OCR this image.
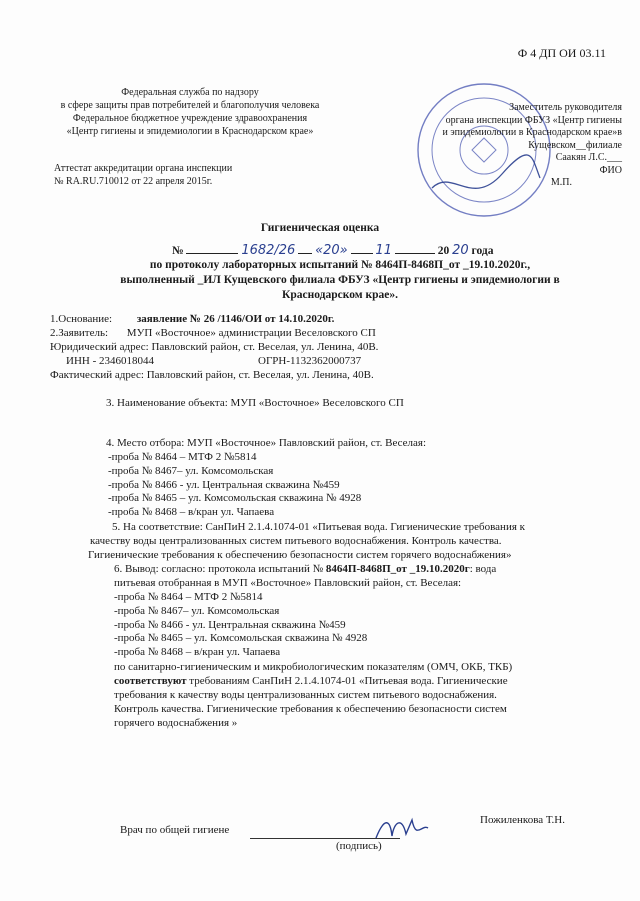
Ф 4 ДП ОИ 03.11
Федеральная служба по надзору
в сфере защиты прав потребителей и благополучия человека
Федеральное бюджетное учреждение здравоохранения
«Центр гигиены и эпидемиологии в Краснодарском крае»
Заместитель руководителя
органа инспекции ФБУЗ «Центр гигиены
и эпидемиологии в Краснодарском крае»в
Кущевском__филиале
Саакян Л.С.___
ФИО
М.П.
Аттестат аккредитации органа инспекции
№ RA.RU.710012 от 22 апреля 2015г.
Гигиеническая оценка
№	1682/26 «20» 11	20 20 года
по протоколу лабораторных испытаний № 8464П-8468П_от _19.10.2020г.,
выполненный _ИЛ Кущевского филиала ФБУЗ «Центр гигиены и эпидемиологии в
Краснодарском крае».
1.Основание: заявление № 26 /1146/ОИ от 14.10.2020г.
2.Заявитель: МУП «Восточное» администрации Веселовского СП
Юридический адрес: Павловский район, ст. Веселая, ул. Ленина, 40В.
ИНН - 2346018044	ОГРН-1132362000737
Фактический адрес: Павловский район, ст. Веселая, ул. Ленина, 40В.
3. Наименование объекта: МУП «Восточное» Веселовского СП
4. Место отбора: МУП «Восточное» Павловский район, ст. Веселая:
-проба № 8464 – МТФ 2 №5814
-проба № 8467– ул. Комсомольская
-проба № 8466 - ул. Центральная скважина №459
-проба № 8465 – ул. Комсомольская скважина № 4928
-проба № 8468 – в/кран ул. Чапаева
5. На соответствие: СанПиН 2.1.4.1074-01 «Питьевая вода. Гигиенические требования к
качеству воды централизованных систем питьевого водоснабжения. Контроль качества.
Гигиенические требования к обеспечению безопасности систем горячего водоснабжения»
6. Вывод: согласно: протокола испытаний № 8464П-8468П_от _19.10.2020г: вода
питьевая отобранная в МУП «Восточное» Павловский район, ст. Веселая:
-проба № 8464 – МТФ 2 №5814
-проба № 8467– ул. Комсомольская
-проба № 8466 - ул. Центральная скважина №459
-проба № 8465 – ул. Комсомольская скважина № 4928
-проба № 8468 – в/кран ул. Чапаева
по санитарно-гигиеническим и микробиологическим показателям (ОМЧ, ОКБ, ТКБ)
соответствуют требованиям СанПиН 2.1.4.1074-01 «Питьевая вода. Гигиенические
требования к качеству воды централизованных систем питьевого водоснабжения.
Контроль качества. Гигиенические требования к обеспечению безопасности систем
горячего водоснабжения »
Врач по общей гигиене
(подпись)
Пожиленкова Т.Н.
